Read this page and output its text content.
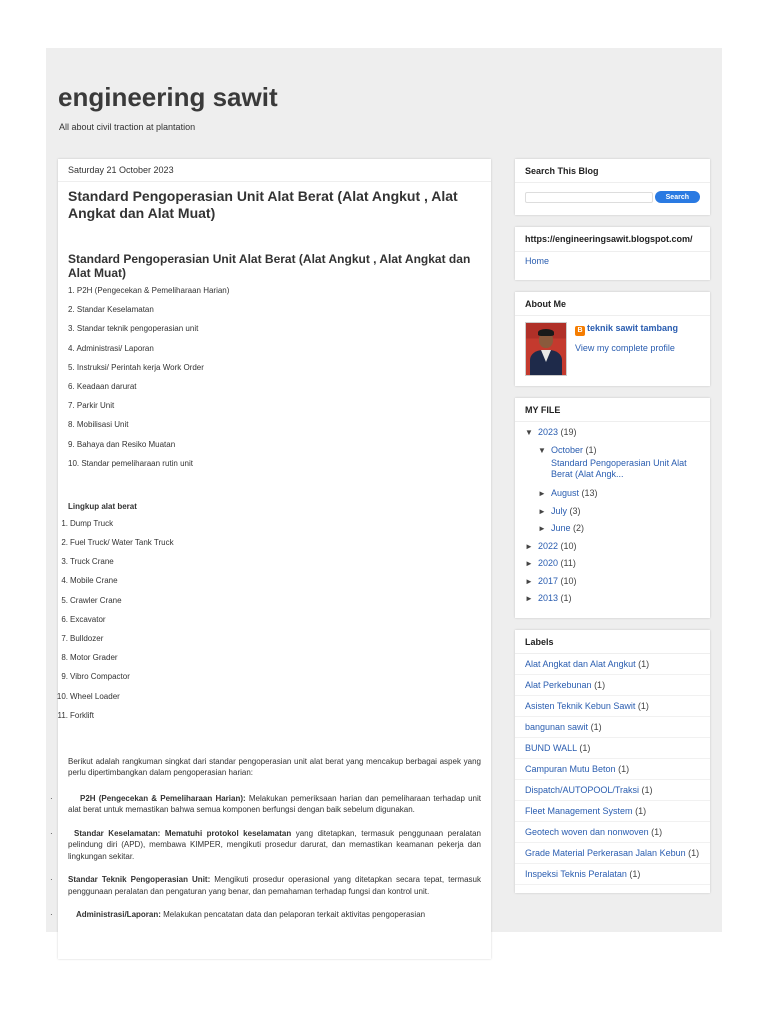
engineering sawit
All about civil traction at plantation
Saturday 21 October 2023
Standard Pengoperasian Unit Alat Berat (Alat Angkut , Alat Angkat dan Alat Muat)
Standard Pengoperasian Unit Alat Berat (Alat Angkut , Alat Angkat dan Alat Muat)
1. P2H (Pengecekan & Pemeliharaan Harian)
2. Standar Keselamatan
3. Standar teknik pengoperasian unit
4. Administrasi/ Laporan
5. Instruksi/ Perintah kerja Work Order
6. Keadaan darurat
7. Parkir Unit
8. Mobilisasi Unit
9. Bahaya dan Resiko Muatan
10. Standar pemeliharaan rutin unit
Lingkup alat berat
1. Dump Truck
2. Fuel Truck/ Water Tank Truck
3. Truck Crane
4. Mobile Crane
5. Crawler Crane
6. Excavator
7. Bulldozer
8. Motor Grader
9. Vibro Compactor
10. Wheel Loader
11. Forklift

Berikut adalah rangkuman singkat dari standar pengoperasian unit alat berat yang mencakup berbagai aspek yang perlu dipertimbangkan dalam pengoperasian harian:

·	P2H (Pengecekan & Pemeliharaan Harian): Melakukan pemeriksaan harian dan pemeliharaan terhadap unit alat berat untuk memastikan bahwa semua komponen berfungsi dengan baik sebelum digunakan.

·	Standar Keselamatan: Mematuhi protokol keselamatan yang ditetapkan, termasuk penggunaan peralatan pelindung diri (APD), membawa KIMPER, mengikuti prosedur darurat, dan memastikan keamanan pekerja dan lingkungan sekitar.

· Standar Teknik Pengoperasian Unit: Mengikuti prosedur operasional yang ditetapkan secara tepat, termasuk penggunaan peralatan dan pengaturan yang benar, dan pemahaman terhadap fungsi dan kontrol unit.

·	Administrasi/Laporan: Melakukan pencatatan data dan pelaporan terkait aktivitas pengoperasian

Search This Blog
Search
https://engineeringsawit.blogspot.com/
Home
About Me
B teknik sawit tambang
View my complete profile
MY FILE
▼ 2023 (19)
▼ October (1)
Standard Pengoperasian Unit Alat Berat (Alat Angk...
► August (13)
► July (3)
► June (2)
► 2022 (10)
► 2020 (11)
► 2017 (10)
► 2013 (1)
Labels
Alat Angkat dan Alat Angkut (1)
Alat Perkebunan (1)
Asisten Teknik Kebun Sawit (1)
bangunan sawit (1)
BUND WALL (1)
Campuran Mutu Beton (1)
Dispatch/AUTOPOOL/Traksi (1)
Fleet Management System (1)
Geotech woven dan nonwoven (1)
Grade Material Perkerasan Jalan Kebun (1)
Inspeksi Teknis Peralatan (1)
